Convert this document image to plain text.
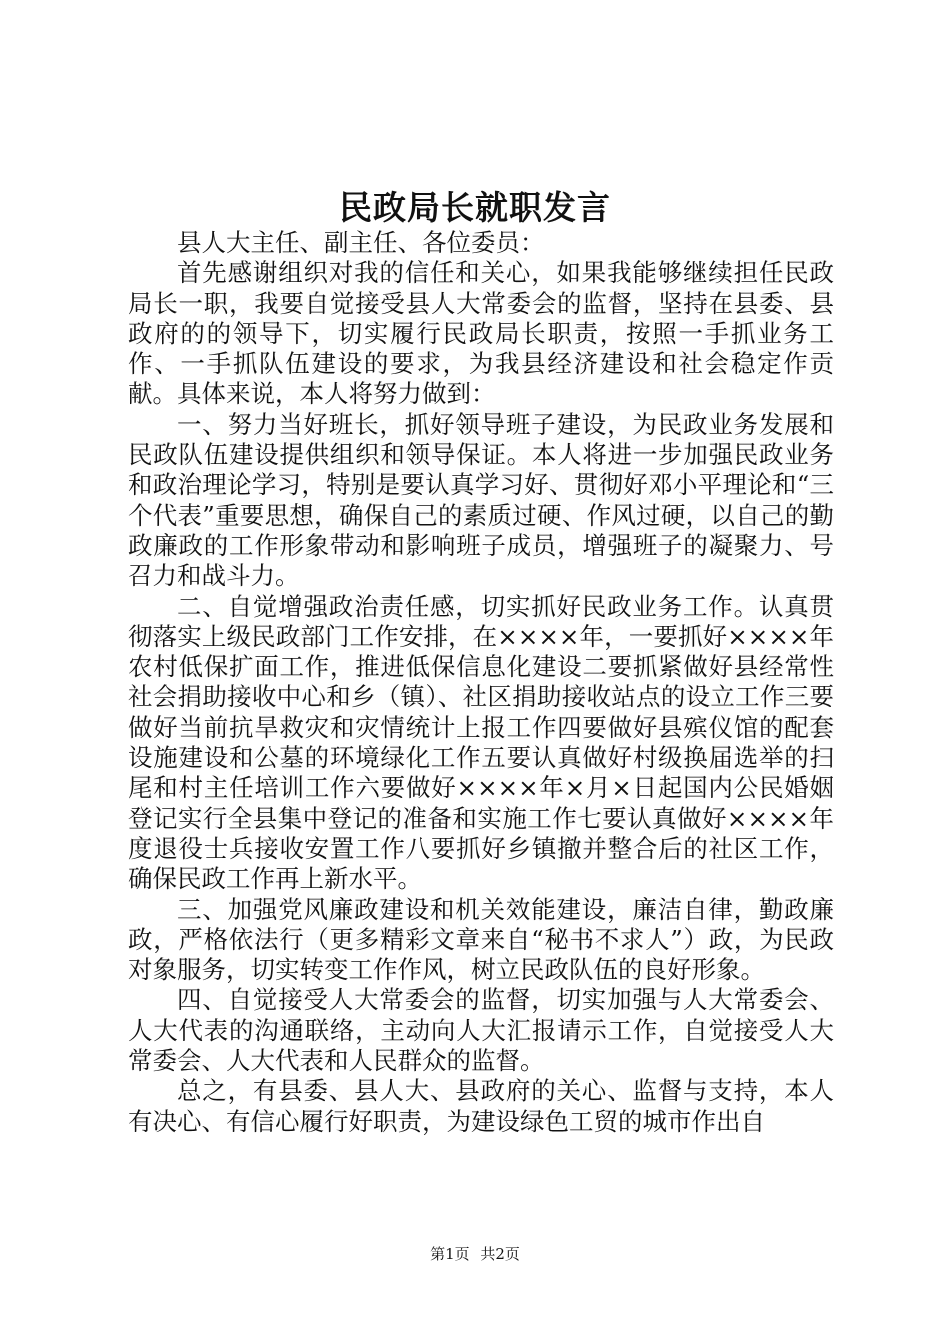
民政局长就职发言

县人大主任、副主任、各位委员：

首先感谢组织对我的信任和关心，如果我能够继续担任民政局长一职，我要自觉接受县人大常委会的监督，坚持在县委、县政府的的领导下，切实履行民政局长职责，按照一手抓业务工作、一手抓队伍建设的要求，为我县经济建设和社会稳定作贡献。具体来说，本人将努力做到：

一、努力当好班长，抓好领导班子建设，为民政业务发展和民政队伍建设提供组织和领导保证。本人将进一步加强民政业务和政治理论学习，特别是要认真学习好、贯彻好邓小平理论和“三个代表”重要思想，确保自己的素质过硬、作风过硬，以自己的勤政廉政的工作形象带动和影响班子成员，增强班子的凝聚力、号召力和战斗力。

二、自觉增强政治责任感，切实抓好民政业务工作。认真贯彻落实上级民政部门工作安排，在××××年，一要抓好××××年农村低保扩面工作，推进低保信息化建设二要抓紧做好县经常性社会捐助接收中心和乡（镇）、社区捐助接收站点的设立工作三要做好当前抗旱救灾和灾情统计上报工作四要做好县殡仪馆的配套设施建设和公墓的环境绿化工作五要认真做好村级换届选举的扫尾和村主任培训工作六要做好××××年×月×日起国内公民婚姻登记实行全县集中登记的准备和实施工作七要认真做好××××年度退役士兵接收安置工作八要抓好乡镇撤并整合后的社区工作，确保民政工作再上新水平。

三、加强党风廉政建设和机关效能建设，廉洁自律，勤政廉政，严格依法行（更多精彩文章来自“秘书不求人”）政，为民政对象服务，切实转变工作作风，树立民政队伍的良好形象。

四、自觉接受人大常委会的监督，切实加强与人大常委会、人大代表的沟通联络，主动向人大汇报请示工作，自觉接受人大常委会、人大代表和人民群众的监督。

总之，有县委、县人大、县政府的关心、监督与支持，本人有决心、有信心履行好职责，为建设绿色工贸的城市作出自

第1页 共2页
